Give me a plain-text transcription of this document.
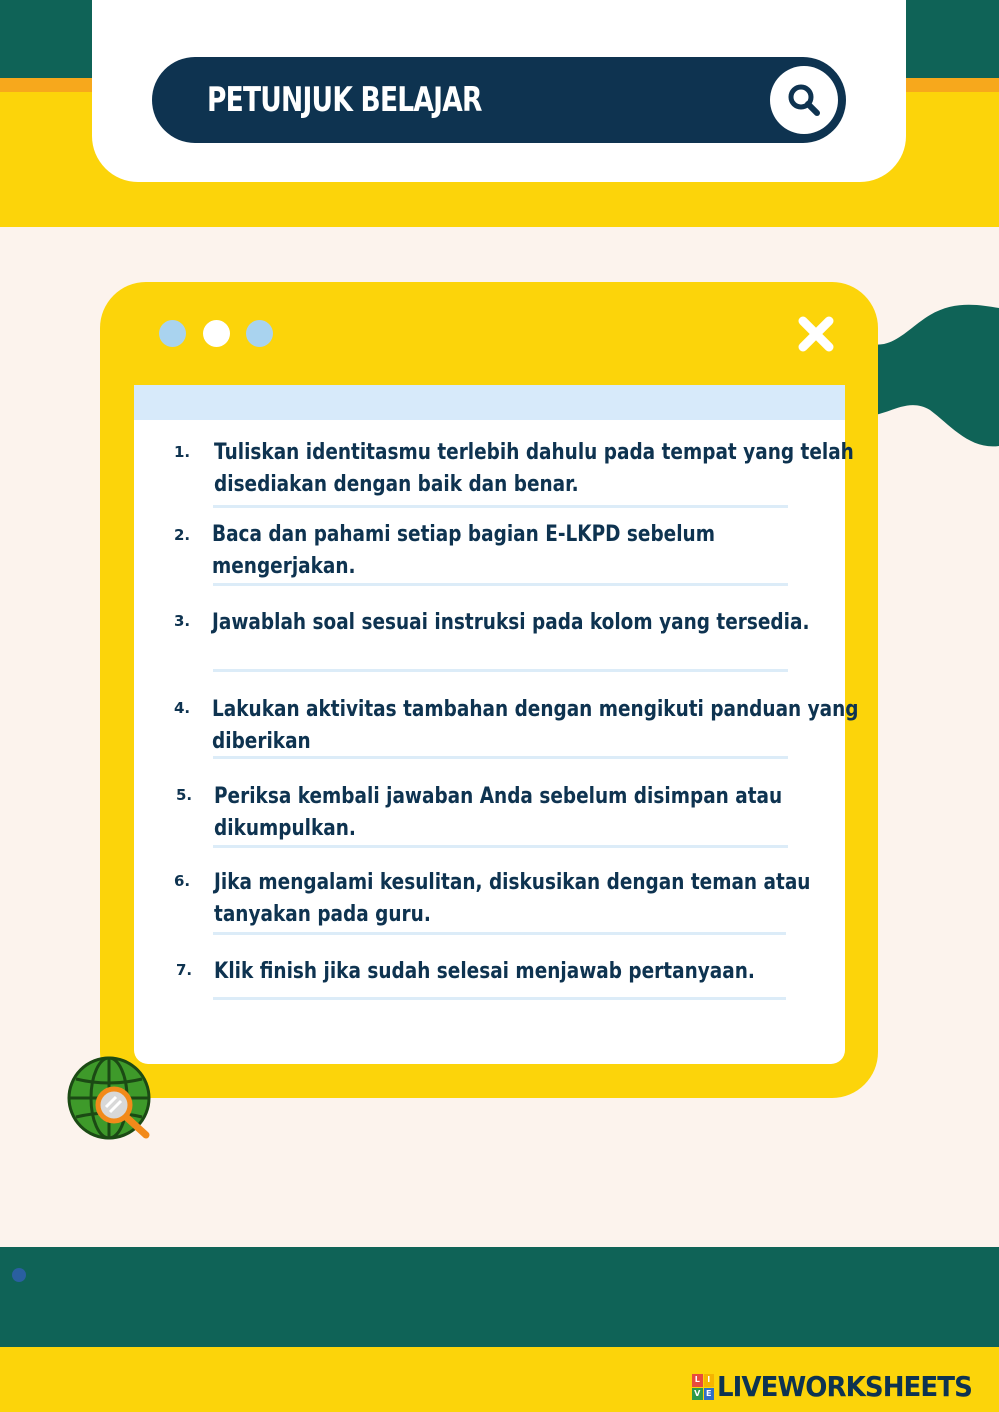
PETUNJUK BELAJAR
1. Tuliskan identitasmu terlebih dahulu pada tempat yang telah
disediakan dengan baik dan benar.
2. Baca dan pahami setiap bagian E-LKPD sebelum
mengerjakan.
3. Jawablah soal sesuai instruksi pada kolom yang tersedia.
4. Lakukan aktivitas tambahan dengan mengikuti panduan yang
diberikan
5. Periksa kembali jawaban Anda sebelum disimpan atau
dikumpulkan.
6. Jika mengalami kesulitan, diskusikan dengan teman atau
tanyakan pada guru.
7. Klik finish jika sudah selesai menjawab pertanyaan.
L I
V E LIVEWORKSHEETS
